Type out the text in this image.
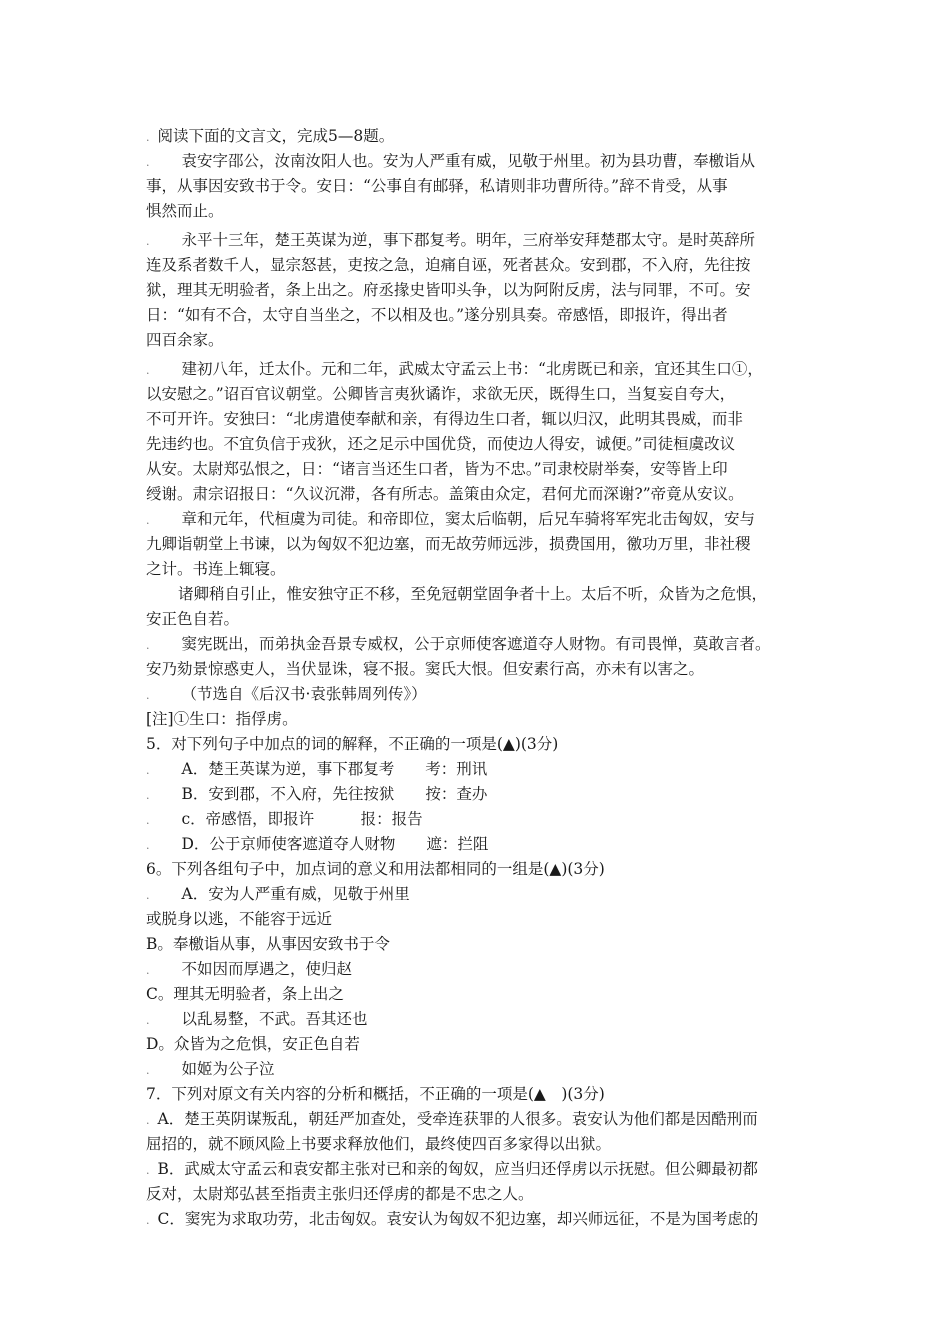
. 阅读下面的文言文，完成5—8题。
. 袁安字邵公，汝南汝阳人也。安为人严重有威，见敬于州里。初为县功曹，奉檄诣从
事，从事因安致书于令。安日：“公事自有邮驿，私请则非功曹所待。”辞不肯受，从事
惧然而止。
. 永平十三年，楚王英谋为逆，事下郡复考。明年，三府举安拜楚郡太守。是时英辞所
连及系者数千人，显宗怒甚，吏按之急，迫痛自诬，死者甚众。安到郡，不入府，先往按
狱，理其无明验者，条上出之。府丞掾史皆叩头争，以为阿附反虏，法与同罪，不可。安
日：“如有不合，太守自当坐之，不以相及也。”遂分别具奏。帝感悟，即报许，得出者
四百余家。
. 建初八年，迁太仆。元和二年，武威太守孟云上书：“北虏既已和亲，宜还其生口①，
以安慰之。”诏百官议朝堂。公卿皆言夷狄谲诈，求欲无厌，既得生口，当复妄自夸大，
不可开许。安独曰：“北虏遣使奉献和亲，有得边生口者，辄以归汉，此明其畏威，而非
先违约也。不宜负信于戎狄，还之足示中国优贷，而使边人得安，诚便。”司徒桓虞改议
从安。太尉郑弘恨之，日：“诸言当还生口者，皆为不忠。”司隶校尉举奏，安等皆上印
绶谢。肃宗诏报日：“久议沉滞，各有所志。盖策由众定，君何尤而深谢?”帝竟从安议。
. 章和元年，代桓虞为司徒。和帝即位，窦太后临朝，后兄车骑将军宪北击匈奴，安与
九卿诣朝堂上书谏，以为匈奴不犯边塞，而无故劳师远涉，损费国用，徼功万里，非社稷
之计。书连上辄寝。
诸卿稍自引止，惟安独守正不移，至免冠朝堂固争者十上。太后不听，众皆为之危惧，
安正色自若。
. 窦宪既出，而弟执金吾景专威权，公于京师使客遮道夺人财物。有司畏惮，莫敢言者。
安乃劾景惊惑吏人，当伏显诛，寝不报。窦氏大恨。但安素行高，亦未有以害之。
. （节选自《后汉书·袁张韩周列传》）
[注]①生口：指俘虏。
5．对下列句子中加点的词的解释，不正确的一项是(▲)(3分)
. A．楚王英谋为逆，事下郡复考　　考：刑讯
. B．安到郡，不入府，先往按狱　　按：查办
. c．帝感悟，即报许　　　报：报告
. D．公于京师使客遮道夺人财物　　遮：拦阻
6。下列各组句子中，加点词的意义和用法都相同的一组是(▲)(3分)
. A．安为人严重有威，见敬于州里
或脱身以逃，不能容于远近
B。奉檄诣从事，从事因安致书于令
. 不如因而厚遇之，使归赵
C。理其无明验者，条上出之
. 以乱易整，不武。吾其还也
D。众皆为之危惧，安正色自若
. 如姬为公子泣
7．下列对原文有关内容的分析和概括，不正确的一项是(▲　)(3分)
. A．楚王英阴谋叛乱，朝廷严加查处，受牵连获罪的人很多。袁安认为他们都是因酷刑而
屈招的，就不顾风险上书要求释放他们，最终使四百多家得以出狱。
. B．武威太守孟云和袁安都主张对已和亲的匈奴，应当归还俘虏以示抚慰。但公卿最初都
反对，太尉郑弘甚至指责主张归还俘虏的都是不忠之人。
. C．窦宪为求取功劳，北击匈奴。袁安认为匈奴不犯边塞，却兴师远征，不是为国考虑的
